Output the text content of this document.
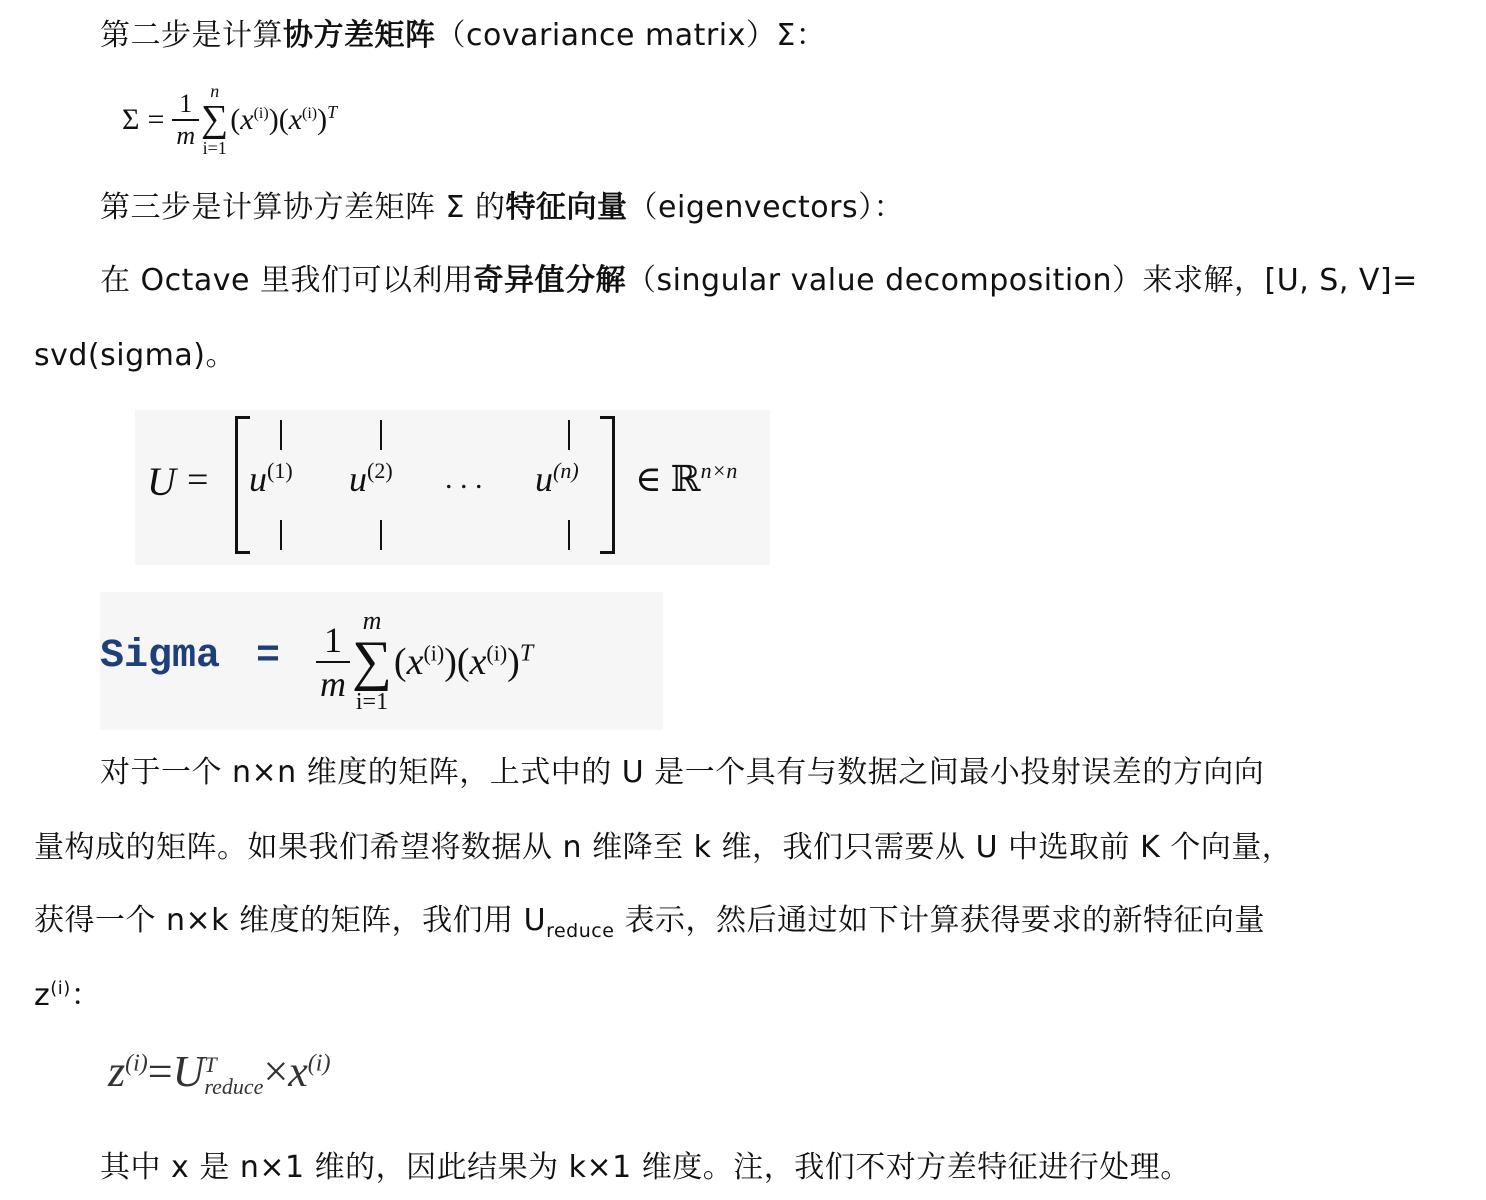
第二步是计算协方差矩阵（covariance matrix）Σ：
$\Sigma = \frac{1}{m}$ n
∑
i=1
$(x^{(i)})(x^{(i)})^T$
第三步是计算协方差矩阵 Σ 的特征向量（eigenvectors）：
在 Octave 里我们可以利用奇异值分解（singular value decomposition）来求解，[U, S, V]=
svd(sigma)。
$U = u^{(1)}$ $u^{(2)}$ . . . $u^{(n)}$ ∈ ℝ$^{n\times n}$
Sigma = $\frac{1}{m}$ m
∑
i=1
$(x^{(i)})(x^{(i)})^T$
对于一个 n×n 维度的矩阵，上式中的 U 是一个具有与数据之间最小投射误差的方向向
量构成的矩阵。如果我们希望将数据从 n 维降至 k 维，我们只需要从 U 中选取前 K 个向量，
获得一个 n×k 维度的矩阵，我们用 $U_{reduce}$ 表示，然后通过如下计算获得要求的新特征向量
$z^{(i)}$：
$z^{(i)}=U$ T
reduce $\times x^{(i)}$
其中 x 是 n×1 维的，因此结果为 k×1 维度。注，我们不对方差特征进行处理。
